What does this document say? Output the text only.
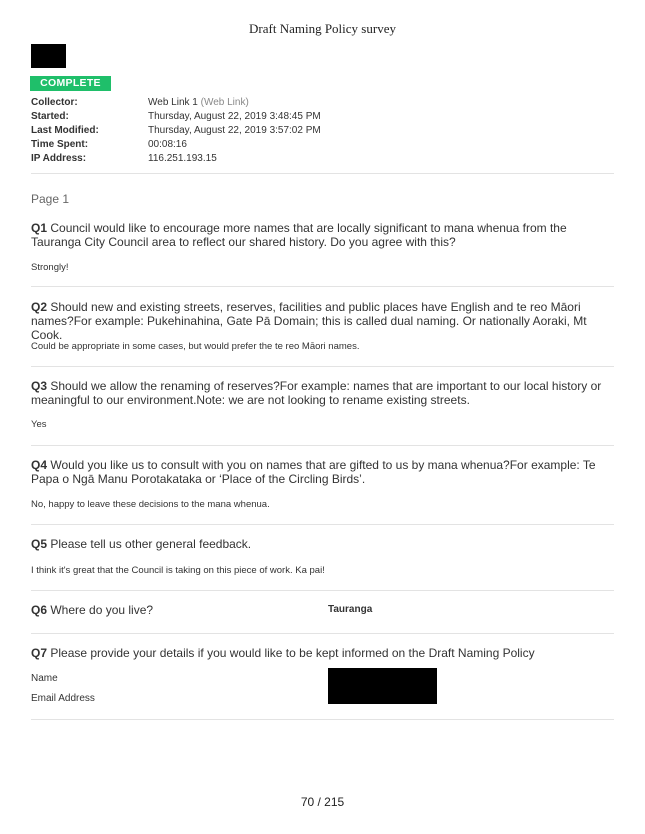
Draft Naming Policy survey
COMPLETE
Collector:	Web Link 1 (Web Link)
Started:	Thursday, August 22, 2019 3:48:45 PM
Last Modified:	Thursday, August 22, 2019 3:57:02 PM
Time Spent:	00:08:16
IP Address:	116.251.193.15
Page 1
Q1 Council would like to encourage more names that are locally significant to mana whenua from the Tauranga City Council area to reflect our shared history. Do you agree with this?
Strongly!
Q2 Should new and existing streets, reserves, facilities and public places have English and te reo Māori names?For example: Pukehinahina, Gate Pā Domain; this is called dual naming. Or nationally Aoraki, Mt Cook.
Could be appropriate in some cases, but would prefer the te reo Māori names.
Q3 Should we allow the renaming of reserves?For example: names that are important to our local history or meaningful to our environment.Note: we are not looking to rename existing streets.
Yes
Q4 Would you like us to consult with you on names that are gifted to us by mana whenua?For example: Te Papa o Ngā Manu Porotakataka or ‘Place of the Circling Birds’.
No, happy to leave these decisions to the mana whenua.
Q5 Please tell us other general feedback.
I think it's great that the Council is taking on this piece of work. Ka pai!
Q6 Where do you live?	Tauranga
Q7 Please provide your details if you would like to be kept informed on the Draft Naming Policy
Name
Email Address
70 / 215
